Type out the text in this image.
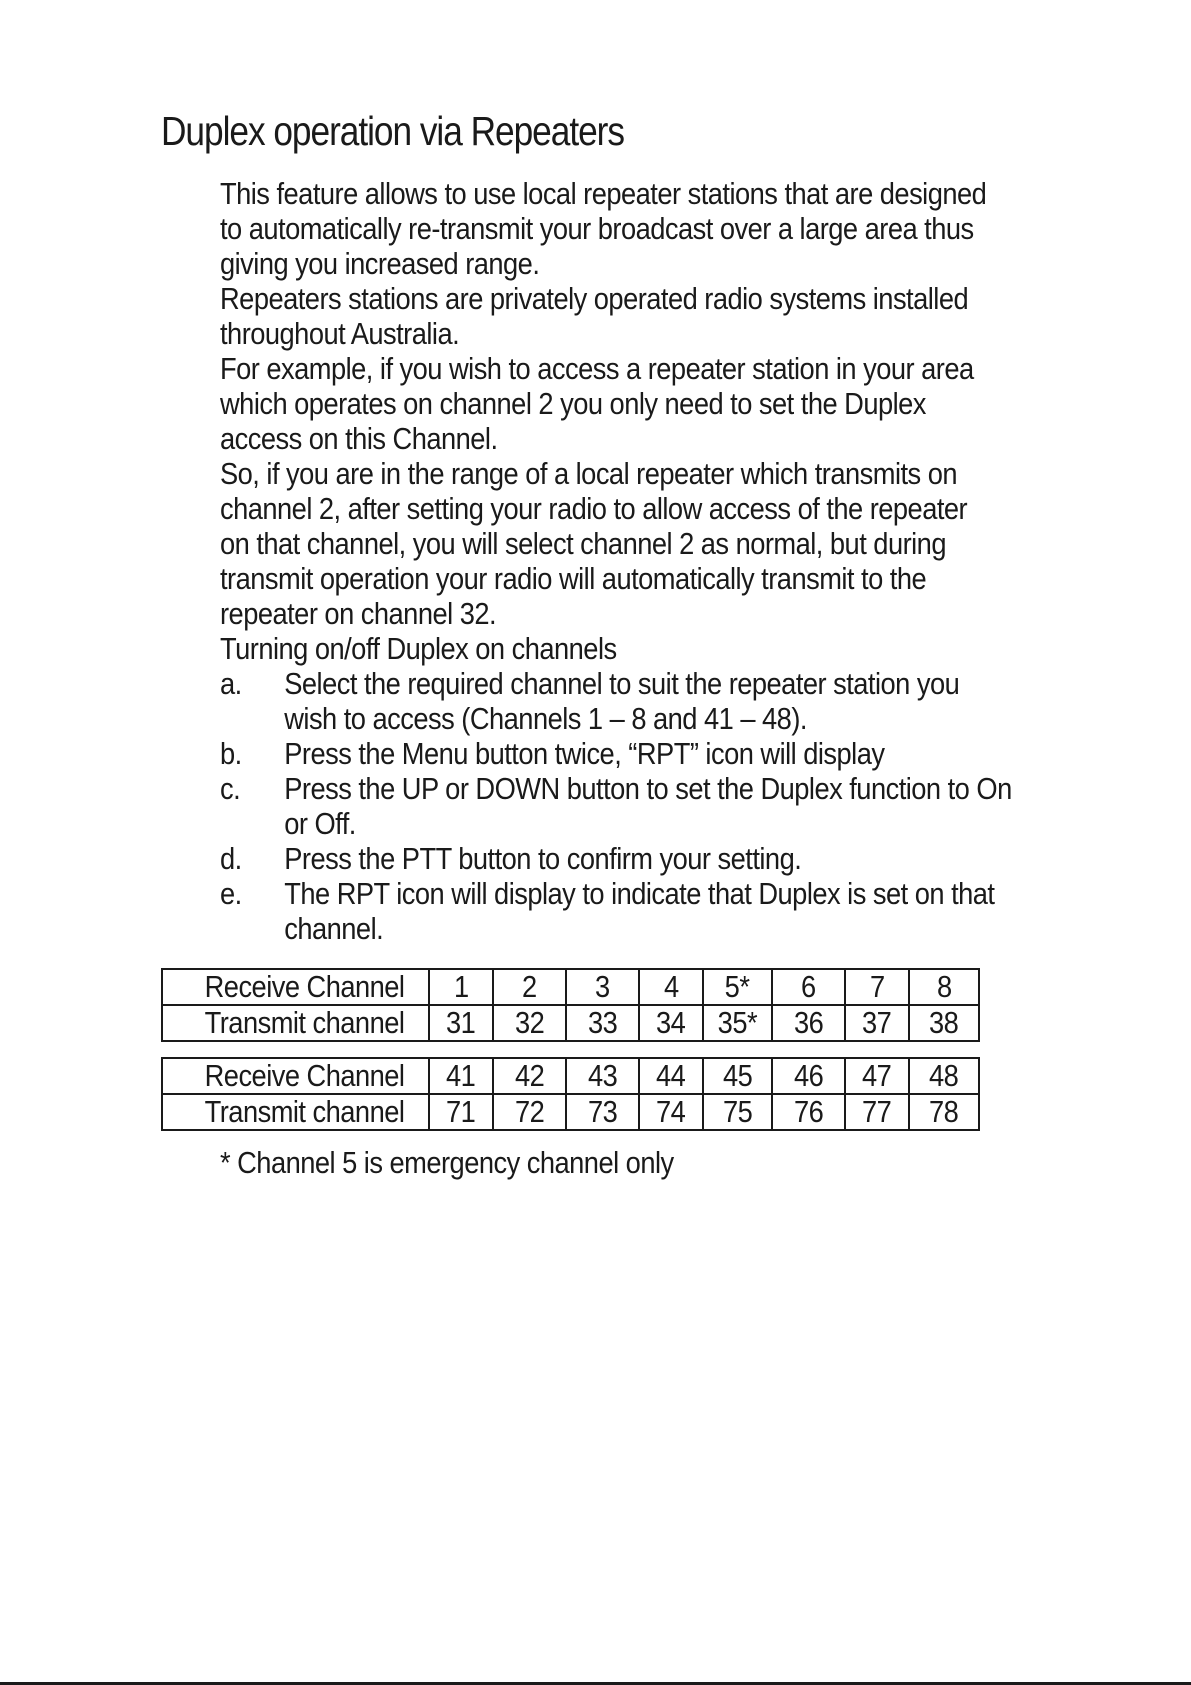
Duplex operation via Repeaters

This feature allows to use local repeater stations that are designed
to automatically re-transmit your broadcast over a large area thus
giving you increased range.

Repeaters stations are privately operated radio systems installed
throughout Australia.

For example, if you wish to access a repeater station in your area
which operates on channel 2 you only need to set the Duplex
access on this Channel.

So, if you are in the range of a local repeater which transmits on
channel 2, after setting your radio to allow access of the repeater
on that channel, you will select channel 2 as normal, but during
transmit operation your radio will automatically transmit to the
repeater on channel 32.

Turning on/off Duplex on channels

a.	Select the required channel to suit the repeater station you
wish to access (Channels 1 – 8 and 41 – 48).
b.	Press the Menu button twice, “RPT” icon will display
c.	Press the UP or DOWN button to set the Duplex function to On
or Off.
d.	Press the PTT button to confirm your setting.
e.	The RPT icon will display to indicate that Duplex is set on that
channel.
Receive Channel	1	2	3	4	5*	6	7	8
Transmit channel	31	32	33	34	35*	36	37	38
Receive Channel	41	42	43	44	45	46	47	48
Transmit channel	71	72	73	74	75	76	77	78

* Channel 5 is emergency channel only
